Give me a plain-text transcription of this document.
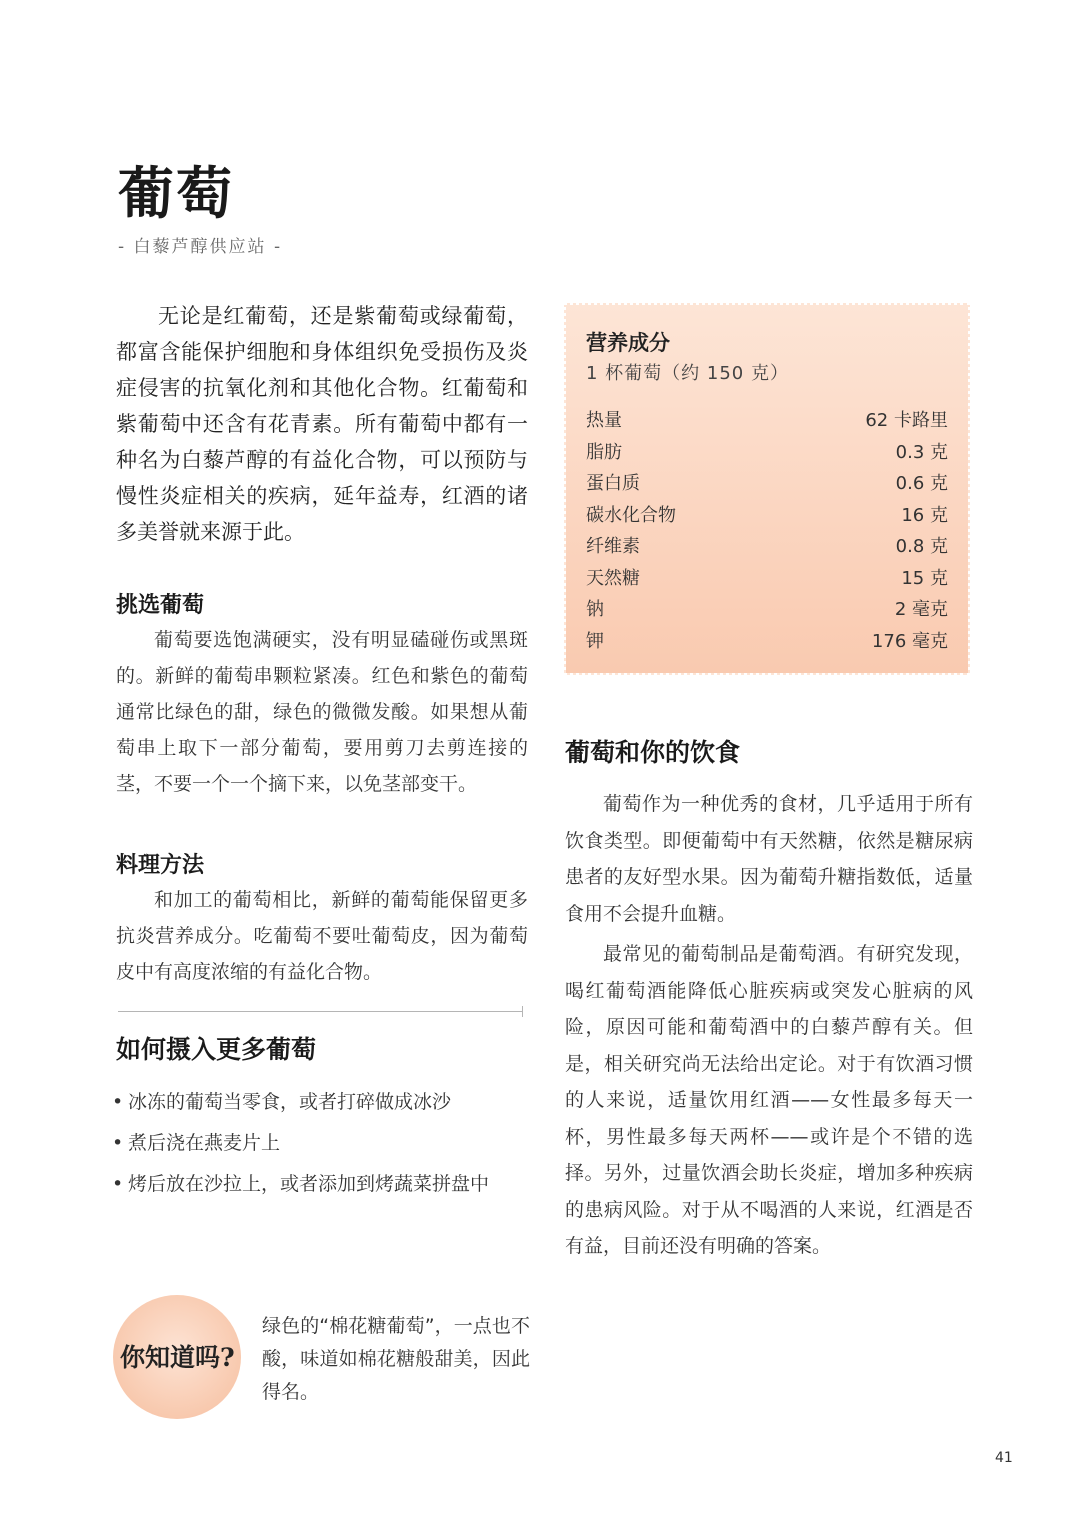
葡萄
- 白藜芦醇供应站 -
无论是红葡萄，还是紫葡萄或绿葡萄，都富含能保护细胞和身体组织免受损伤及炎症侵害的抗氧化剂和其他化合物。红葡萄和紫葡萄中还含有花青素。所有葡萄中都有一种名为白藜芦醇的有益化合物，可以预防与慢性炎症相关的疾病，延年益寿，红酒的诸多美誉就来源于此。
挑选葡萄
葡萄要选饱满硬实，没有明显磕碰伤或黑斑的。新鲜的葡萄串颗粒紧凑。红色和紫色的葡萄通常比绿色的甜，绿色的微微发酸。如果想从葡萄串上取下一部分葡萄，要用剪刀去剪连接的茎，不要一个一个摘下来，以免茎部变干。
料理方法
和加工的葡萄相比，新鲜的葡萄能保留更多抗炎营养成分。吃葡萄不要吐葡萄皮，因为葡萄皮中有高度浓缩的有益化合物。
如何摄入更多葡萄
• 冰冻的葡萄当零食，或者打碎做成冰沙
• 煮后浇在燕麦片上
• 烤后放在沙拉上，或者添加到烤蔬菜拼盘中
你知道吗?
绿色的“棉花糖葡萄”，一点也不酸，味道如棉花糖般甜美，因此得名。
营养成分
1 杯葡萄（约 150 克）
热量	62 卡路里
脂肪	0.3 克
蛋白质	0.6 克
碳水化合物	16 克
纤维素	0.8 克
天然糖	15 克
钠	2 毫克
钾	176 毫克
葡萄和你的饮食
葡萄作为一种优秀的食材，几乎适用于所有饮食类型。即便葡萄中有天然糖，依然是糖尿病患者的友好型水果。因为葡萄升糖指数低，适量食用不会提升血糖。
最常见的葡萄制品是葡萄酒。有研究发现，喝红葡萄酒能降低心脏疾病或突发心脏病的风险，原因可能和葡萄酒中的白藜芦醇有关。但是，相关研究尚无法给出定论。对于有饮酒习惯的人来说，适量饮用红酒——女性最多每天一杯，男性最多每天两杯——或许是个不错的选择。另外，过量饮酒会助长炎症，增加多种疾病的患病风险。对于从不喝酒的人来说，红酒是否有益，目前还没有明确的答案。
41
